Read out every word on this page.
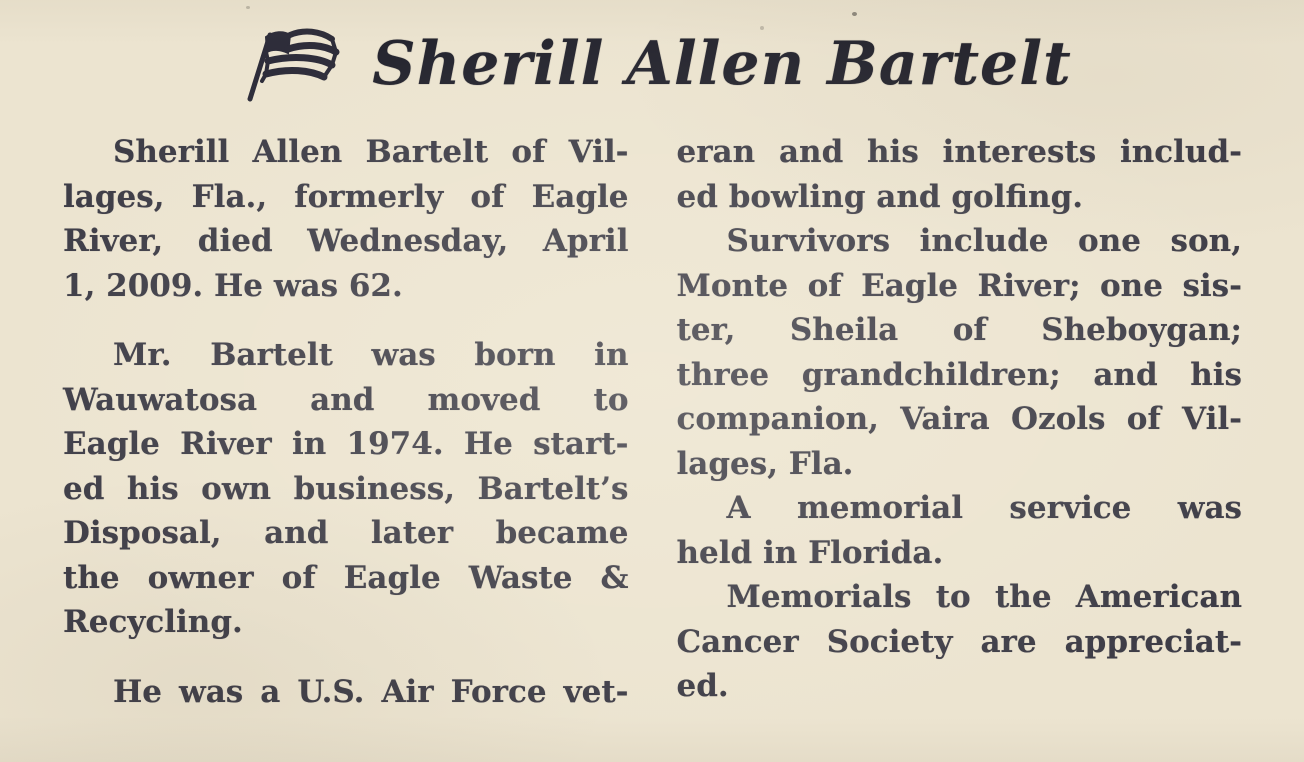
Sherill Allen Bartelt
Sherill Allen Bartelt of Vil-
lages, Fla., formerly of Eagle
River, died Wednesday, April
1, 2009. He was 62.
Mr. Bartelt was born in
Wauwatosa and moved to
Eagle River in 1974. He start-
ed his own business, Bartelt’s
Disposal, and later became
the owner of Eagle Waste &
Recycling.
He was a U.S. Air Force vet-
eran and his interests includ-
ed bowling and golfing.
Survivors include one son,
Monte of Eagle River; one sis-
ter, Sheila of Sheboygan;
three grandchildren; and his
companion, Vaira Ozols of Vil-
lages, Fla.
A memorial service was
held in Florida.
Memorials to the American
Cancer Society are appreciat-
ed.
